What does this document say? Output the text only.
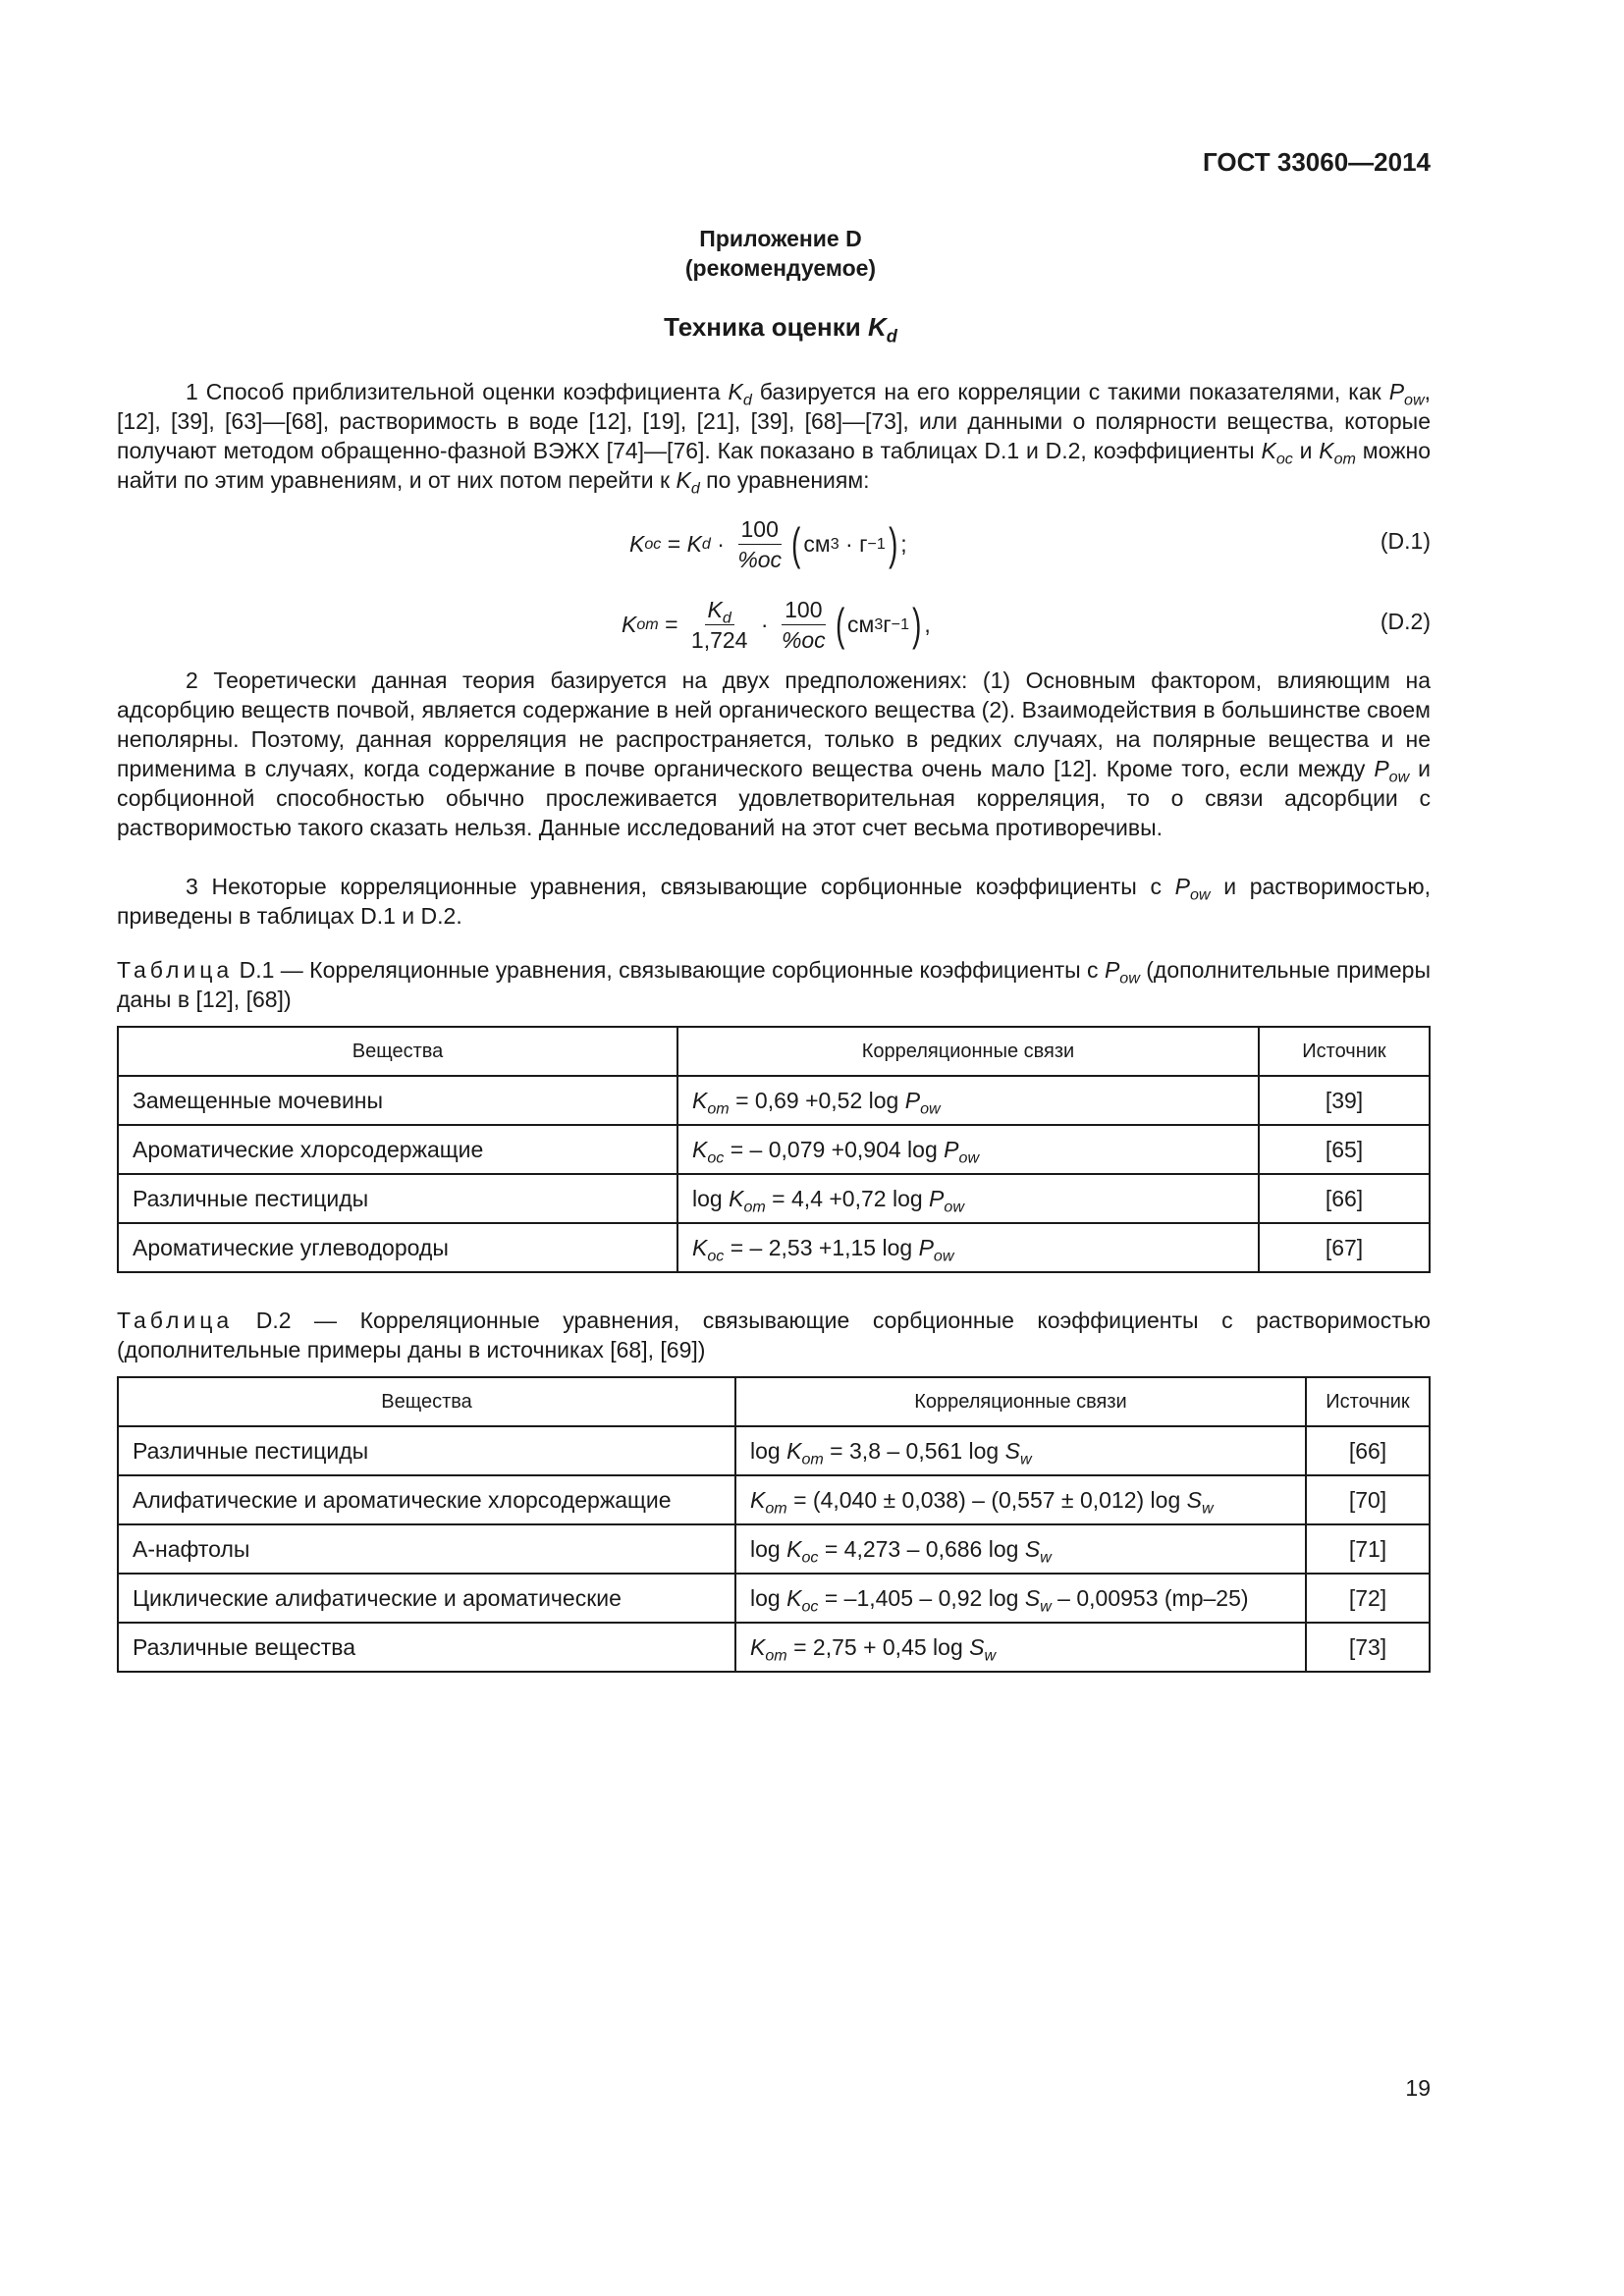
ГОСТ 33060—2014
Приложение D
(рекомендуемое)
Техника оценки $K_d$

1 Способ приблизительной оценки коэффициента $K_d$ базируется на его корреляции с такими показателями, как $P_{ow}$, [12], [39], [63]—[68], растворимость в воде [12], [19], [21], [39], [68]—[73], или данными о полярности вещества, которые получают методом обращенно-фазной ВЭЖХ [74]—[76]. Как показано в таблицах D.1 и D.2, коэффициенты $K_{oc}$ и $K_{om}$ можно найти по этим уравнениям, и от них потом перейти к $K_d$ по уравнениям:

K oc = K $d \cdot \frac{100}{\%oc}$ ( см 3 · г −1 ) ;	(D.1)
K om = $\frac{K_d}{1,724} \cdot \frac{100}{\%oc}$ ( см 3 г −1 ) ,	(D.2)

2 Теоретически данная теория базируется на двух предположениях: (1) Основным фактором, влияющим на адсорбцию веществ почвой, является содержание в ней органического вещества (2). Взаимодействия в большинстве своем неполярны. Поэтому, данная корреляция не распространяется, только в редких случаях, на полярные вещества и не применима в случаях, когда содержание в почве органического вещества очень мало [12]. Кроме того, если между $P_{ow}$ и сорбционной способностью обычно прослеживается удовлетворительная корреляция, то о связи адсорбции с растворимостью такого сказать нельзя. Данные исследований на этот счет весьма противоречивы.

3 Некоторые корреляционные уравнения, связывающие сорбционные коэффициенты с $P_{ow}$ и растворимостью, приведены в таблицах D.1 и D.2.

Таблица D.1 — Корреляционные уравнения, связывающие сорбционные коэффициенты с $P_{ow}$ (дополнительные примеры даны в [12], [68])
Вещества	Корреляционные связи	Источник
Замещенные мочевины	$K_{om} = 0,69 +0,52$ $\log P_{ow}$	[39]
Ароматические хлорсодержащие	$K_{oc}$ = – 0,079 +0,904 $\log P_{ow}$	[65]
Различные пестициды	$\log K_{om} = 4,4 +0,72$ $\log P_{ow}$	[66]
Ароматические углеводороды	$K_{oc}$ = – 2,53 +1,15 $\log P_{ow}$	[67]
Таблица D.2 — Корреляционные уравнения, связывающие сорбционные коэффициенты с растворимостью (дополнительные примеры даны в источниках [68], [69])
Вещества	Корреляционные связи	Источник
Различные пестициды	$\log K_{om} = 3,8 - 0,561$ $\log S_w$	[66]
Алифатические и ароматические хлорсодержащие	$K_{om} = (4,040 \pm 0,038) - (0,557 \pm 0,012)$ $\log S_w$	[70]
А-нафтолы	$\log K_{oc} = 4,273 - 0,686$ $\log S_w$	[71]
Циклические алифатические и ароматические	$\log K_{oc} = -1,405 - 0,92$ $\log S_w - 0,00953$ (mp–25)	[72]
Различные вещества	$K_{om} = 2,75 + 0,45$ $\log S_w$	[73]
19
